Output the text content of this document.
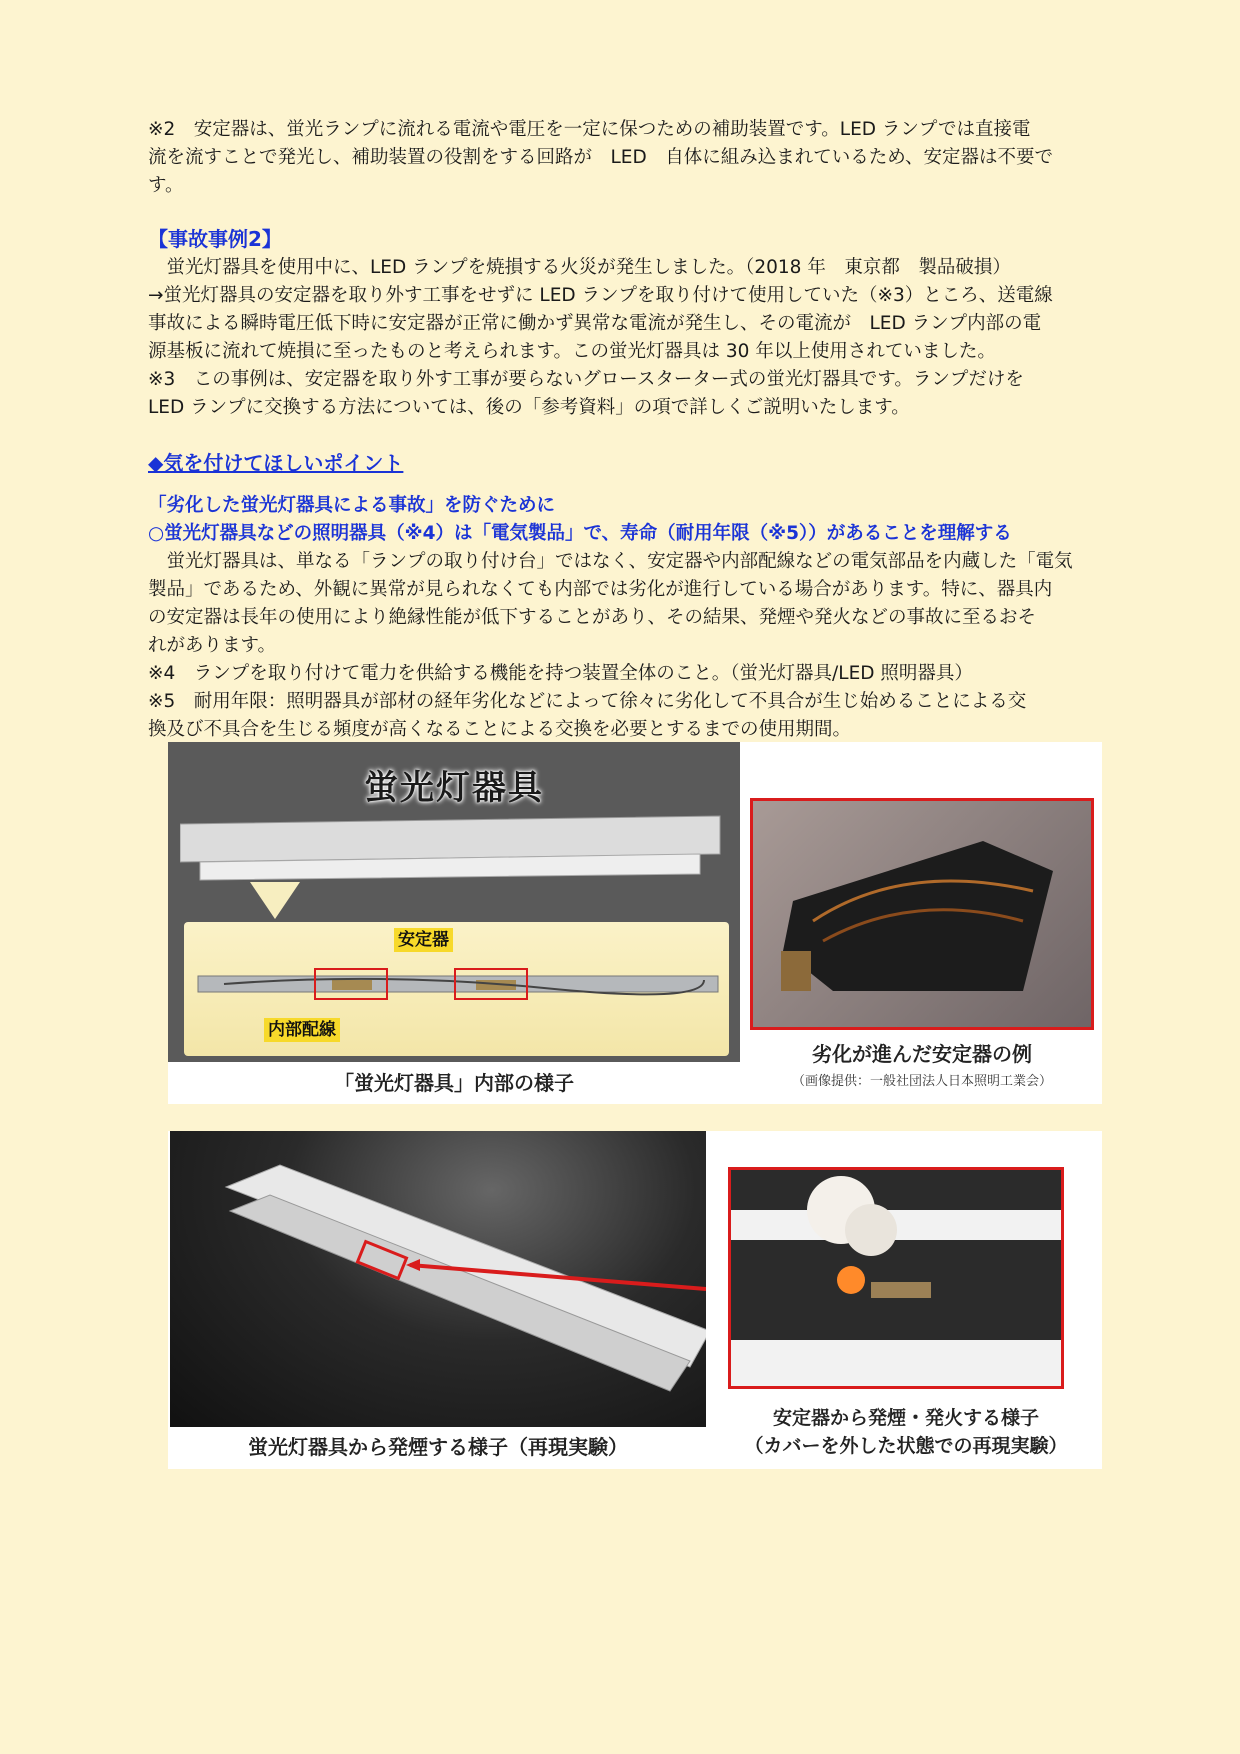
※2　安定器は、蛍光ランプに流れる電流や電圧を一定に保つための補助装置です。LED ランプでは直接電

流を流すことで発光し、補助装置の役割をする回路が　LED　自体に組み込まれているため、安定器は不要で

す。

【事故事例2】

蛍光灯器具を使用中に、LED ランプを焼損する火災が発生しました。（2018 年　東京都　製品破損）

→蛍光灯器具の安定器を取り外す工事をせずに LED ランプを取り付けて使用していた（※3）ところ、送電線

事故による瞬時電圧低下時に安定器が正常に働かず異常な電流が発生し、その電流が　LED ランプ内部の電

源基板に流れて焼損に至ったものと考えられます。この蛍光灯器具は 30 年以上使用されていました。

※3　この事例は、安定器を取り外す工事が要らないグロースターター式の蛍光灯器具です。ランプだけを

LED ランプに交換する方法については、後の「参考資料」の項で詳しくご説明いたします。

◆気を付けてほしいポイント

「劣化した蛍光灯器具による事故」を防ぐために

○蛍光灯器具などの照明器具（※4）は「電気製品」で、寿命（耐用年限（※5））があることを理解する

蛍光灯器具は、単なる「ランプの取り付け台」ではなく、安定器や内部配線などの電気部品を内蔵した「電気

製品」であるため、外観に異常が見られなくても内部では劣化が進行している場合があります。特に、器具内

の安定器は長年の使用により絶縁性能が低下することがあり、その結果、発煙や発火などの事故に至るおそ

れがあります。

※4　ランプを取り付けて電力を供給する機能を持つ装置全体のこと。（蛍光灯器具/LED 照明器具）

※5　耐用年限：照明器具が部材の経年劣化などによって徐々に劣化して不具合が生じ始めることによる交

換及び不具合を生じる頻度が高くなることによる交換を必要とするまでの使用期間。

蛍光灯器具
安定器
内部配線
「蛍光灯器具」内部の様子
劣化が進んだ安定器の例
（画像提供：一般社団法人日本照明工業会）
蛍光灯器具から発煙する様子（再現実験）
安定器から発煙・発火する様子
（カバーを外した状態での再現実験）
